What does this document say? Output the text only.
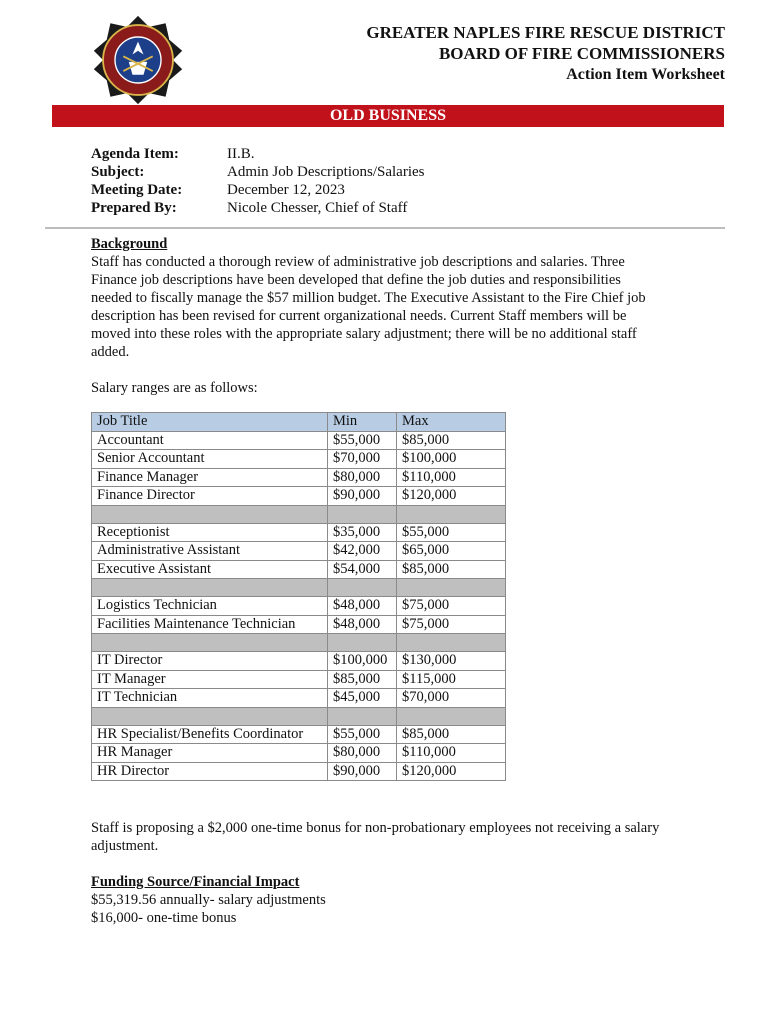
GREATER NAPLES FIRE RESCUE DISTRICT
BOARD OF FIRE COMMISSIONERS
Action Item Worksheet
OLD BUSINESS
Agenda Item:	II.B.
Subject:	Admin Job Descriptions/Salaries
Meeting Date:	December 12, 2023
Prepared By:	Nicole Chesser, Chief of Staff
Background
Staff has conducted a thorough review of administrative job descriptions and salaries. Three Finance job descriptions have been developed that define the job duties and responsibilities needed to fiscally manage the $57 million budget. The Executive Assistant to the Fire Chief job description has been revised for current organizational needs. Current Staff members will be moved into these roles with the appropriate salary adjustment; there will be no additional staff added.
Salary ranges are as follows:
Job Title	Min	Max
Accountant	$55,000	$85,000
Senior Accountant	$70,000	$100,000
Finance Manager	$80,000	$110,000
Finance Director	$90,000	$120,000

Receptionist	$35,000	$55,000
Administrative Assistant	$42,000	$65,000
Executive Assistant	$54,000	$85,000

Logistics Technician	$48,000	$75,000
Facilities Maintenance Technician	$48,000	$75,000

IT Director	$100,000	$130,000
IT Manager	$85,000	$115,000
IT Technician	$45,000	$70,000

HR Specialist/Benefits Coordinator	$55,000	$85,000
HR Manager	$80,000	$110,000
HR Director	$90,000	$120,000
Staff is proposing a $2,000 one-time bonus for non-probationary employees not receiving a salary adjustment.
Funding Source/Financial Impact
$55,319.56 annually- salary adjustments
$16,000- one-time bonus
